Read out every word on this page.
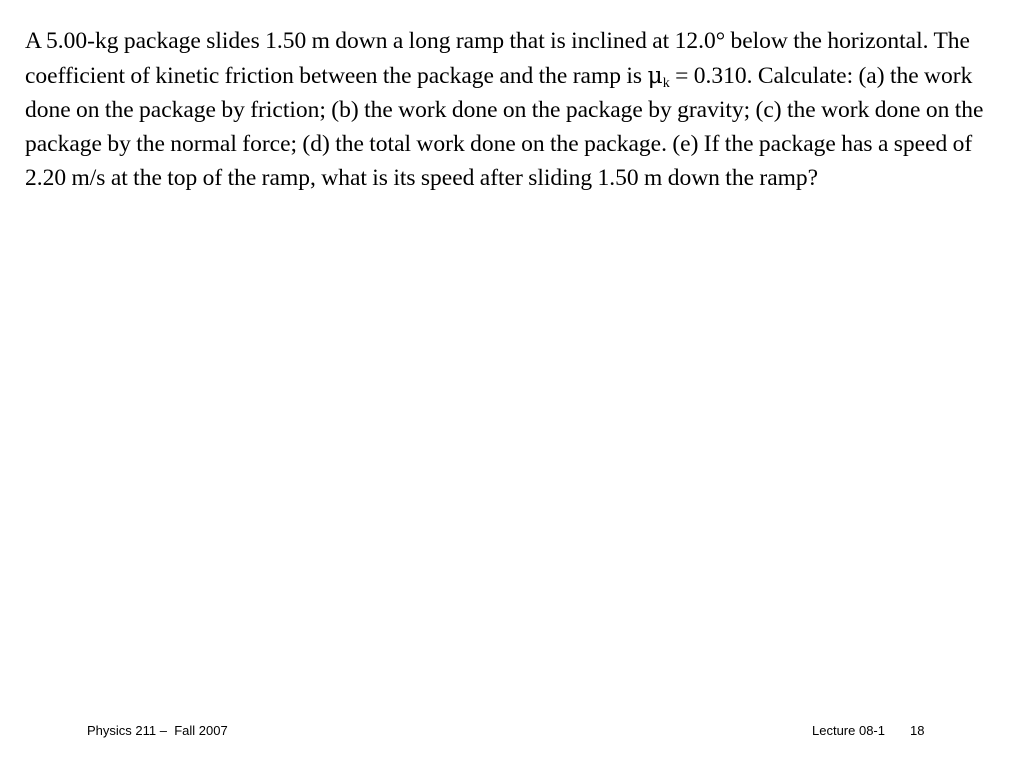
A 5.00-kg package slides 1.50 m down a long ramp that is inclined at 12.0° below the horizontal. The coefficient of kinetic friction between the package and the ramp is $\mu_k = 0.310$. Calculate: (a) the work done on the package by friction; (b) the work done on the package by gravity; (c) the work done on the package by the normal force; (d) the total work done on the package. (e) If the package has a speed of 2.20 m/s at the top of the ramp, what is its speed after sliding 1.50 m down the ramp?

Physics 211 –  Fall 2007	Lecture 08-1 18
